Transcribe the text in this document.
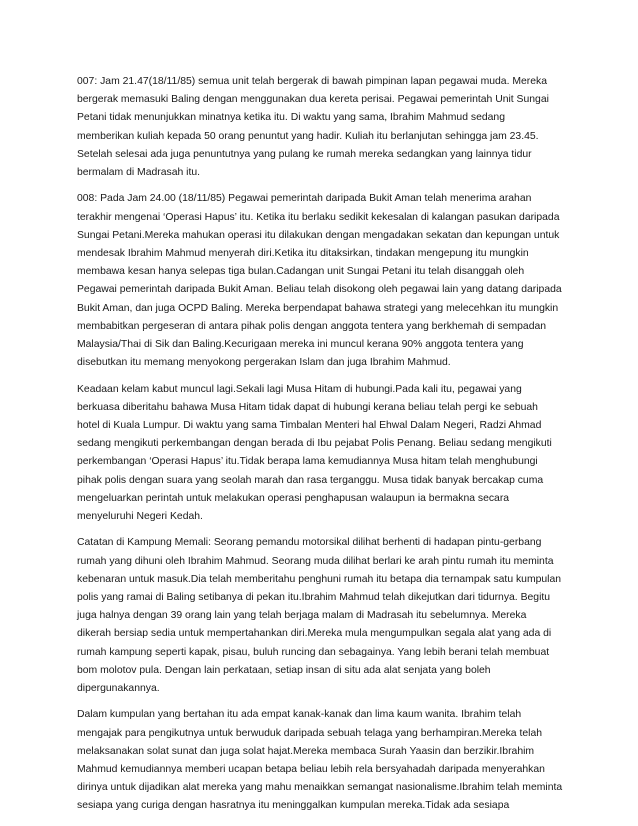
007: Jam 21.47(18/11/85) semua unit telah bergerak di bawah pimpinan lapan pegawai muda. Mereka bergerak memasuki Baling dengan menggunakan dua kereta perisai. Pegawai pemerintah Unit Sungai Petani tidak menunjukkan minatnya ketika itu. Di waktu yang sama, Ibrahim Mahmud sedang memberikan kuliah kepada 50 orang penuntut yang hadir. Kuliah itu berlanjutan sehingga jam 23.45. Setelah selesai ada juga penuntutnya yang pulang ke rumah mereka sedangkan yang lainnya tidur bermalam di Madrasah itu.

008: Pada Jam 24.00 (18/11/85) Pegawai pemerintah daripada Bukit Aman telah menerima arahan terakhir mengenai ‘Operasi Hapus’ itu. Ketika itu berlaku sedikit kekesalan di kalangan pasukan daripada Sungai Petani.Mereka mahukan operasi itu dilakukan dengan mengadakan sekatan dan kepungan untuk mendesak Ibrahim Mahmud menyerah diri.Ketika itu ditaksirkan, tindakan mengepung itu mungkin membawa kesan hanya selepas tiga bulan.Cadangan unit Sungai Petani itu telah disanggah oleh Pegawai pemerintah daripada Bukit Aman. Beliau telah disokong oleh pegawai lain yang datang daripada Bukit Aman, dan juga OCPD Baling. Mereka berpendapat bahawa strategi yang melecehkan itu mungkin membabitkan pergeseran di antara pihak polis dengan anggota tentera yang berkhemah di sempadan Malaysia/Thai di Sik dan Baling.Kecurigaan mereka ini muncul kerana 90% anggota tentera yang disebutkan itu memang menyokong pergerakan Islam dan juga Ibrahim Mahmud.

Keadaan kelam kabut muncul lagi.Sekali lagi Musa Hitam di hubungi.Pada kali itu, pegawai yang berkuasa diberitahu bahawa Musa Hitam tidak dapat di hubungi kerana beliau telah pergi ke sebuah hotel di Kuala Lumpur. Di waktu yang sama Timbalan Menteri hal Ehwal Dalam Negeri, Radzi Ahmad sedang mengikuti perkembangan dengan berada di Ibu pejabat Polis Penang. Beliau sedang mengikuti perkembangan ‘Operasi Hapus’ itu.Tidak berapa lama kemudiannya Musa hitam telah menghubungi pihak polis dengan suara yang seolah marah dan rasa terganggu. Musa tidak banyak bercakap cuma mengeluarkan perintah untuk melakukan operasi penghapusan walaupun ia bermakna secara menyeluruhi Negeri Kedah.

Catatan di Kampung Memali: Seorang pemandu motorsikal dilihat berhenti di hadapan pintu-gerbang rumah yang dihuni oleh Ibrahim Mahmud. Seorang muda dilihat berlari ke arah pintu rumah itu meminta kebenaran untuk masuk.Dia telah memberitahu penghuni rumah itu betapa dia ternampak satu kumpulan polis yang ramai di Baling setibanya di pekan itu.Ibrahim Mahmud telah dikejutkan dari tidurnya. Begitu juga halnya dengan 39 orang lain yang telah berjaga malam di Madrasah itu sebelumnya. Mereka dikerah bersiap sedia untuk mempertahankan diri.Mereka mula mengumpulkan segala alat yang ada di rumah kampung seperti kapak, pisau, buluh runcing dan sebagainya. Yang lebih berani telah membuat bom molotov pula. Dengan lain perkataan, setiap insan di situ ada alat senjata yang boleh dipergunakannya.

Dalam kumpulan yang bertahan itu ada empat kanak-kanak dan lima kaum wanita. Ibrahim telah mengajak para pengikutnya untuk berwuduk daripada sebuah telaga yang berhampiran.Mereka telah melaksanakan solat sunat dan juga solat hajat.Mereka membaca Surah Yaasin dan berzikir.Ibrahim Mahmud kemudiannya memberi ucapan betapa beliau lebih rela bersyahadah daripada menyerahkan dirinya untuk dijadikan alat mereka yang mahu menaikkan semangat nasionalisme.Ibrahim telah meminta sesiapa yang curiga dengan hasratnya itu meninggalkan kumpulan mereka.Tidak ada sesiapa
